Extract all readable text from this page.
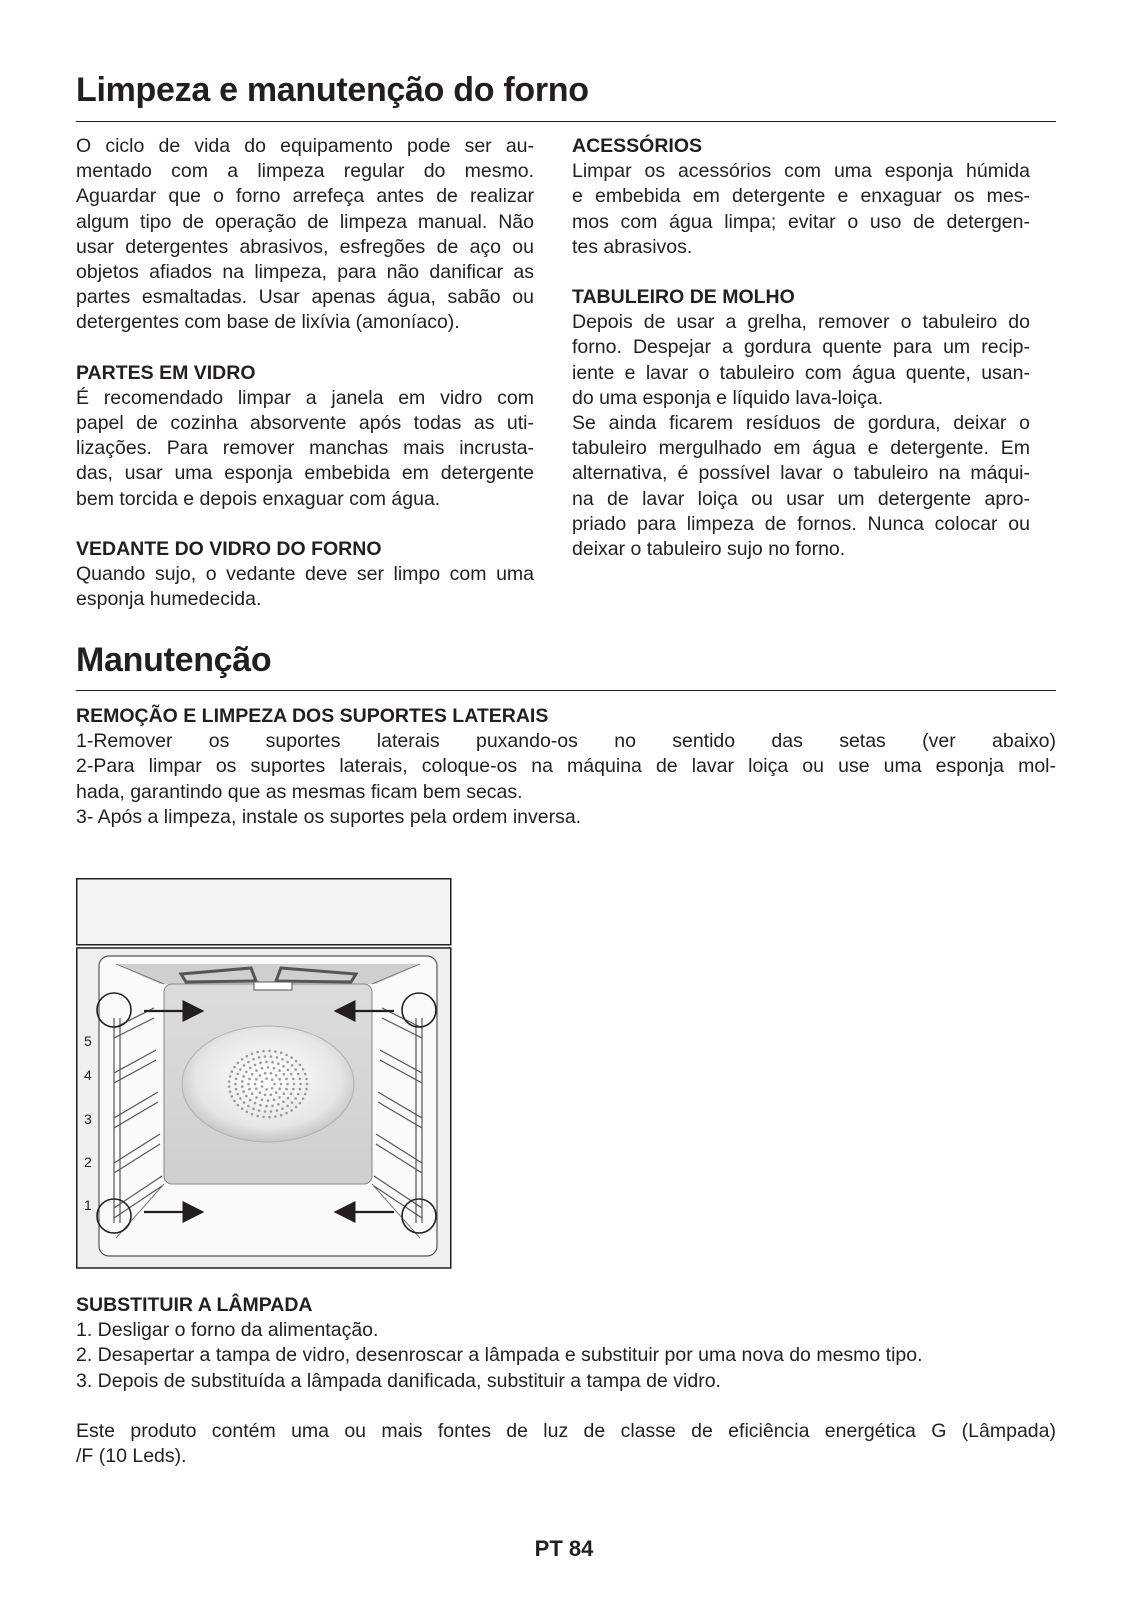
Limpeza e manutenção do forno

O ciclo de vida do equipamento pode ser au-

mentado com a limpeza regular do mesmo.

Aguardar que o forno arrefeça antes de realizar

algum tipo de operação de limpeza manual. Não

usar detergentes abrasivos, esfregões de aço ou

objetos afiados na limpeza, para não danificar as

partes esmaltadas. Usar apenas água, sabão ou

detergentes com base de lixívia (amoníaco).

PARTES EM VIDRO

É recomendado limpar a janela em vidro com

papel de cozinha absorvente após todas as uti-

lizações. Para remover manchas mais incrusta-

das, usar uma esponja embebida em detergente

bem torcida e depois enxaguar com água.

VEDANTE DO VIDRO DO FORNO

Quando sujo, o vedante deve ser limpo com uma

esponja humedecida.

ACESSÓRIOS

Limpar os acessórios com uma esponja húmida

e embebida em detergente e enxaguar os mes-

mos com água limpa; evitar o uso de detergen-

tes abrasivos.

TABULEIRO DE MOLHO

Depois de usar a grelha, remover o tabuleiro do

forno. Despejar a gordura quente para um recip-

iente e lavar o tabuleiro com água quente, usan-

do uma esponja e líquido lava-loiça.

Se ainda ficarem resíduos de gordura, deixar o

tabuleiro mergulhado em água e detergente. Em

alternativa, é possível lavar o tabuleiro na máqui-

na de lavar loiça ou usar um detergente apro-

priado para limpeza de fornos. Nunca colocar ou

deixar o tabuleiro sujo no forno.

Manutenção

REMOÇÃO E LIMPEZA DOS SUPORTES LATERAIS

1-Remover os suportes laterais puxando-os no sentido das setas (ver abaixo)

2-Para limpar os suportes laterais, coloque-os na máquina de lavar loiça ou use uma esponja mol-

hada, garantindo que as mesmas ficam bem secas.

3- Após a limpeza, instale os suportes pela ordem inversa.

5
4
3
2
1

SUBSTITUIR A LÂMPADA

1. Desligar o forno da alimentação.

2. Desapertar a tampa de vidro, desenroscar a lâmpada e substituir por uma nova do mesmo tipo.

3. Depois de substituída a lâmpada danificada, substituir a tampa de vidro.

Este produto contém uma ou mais fontes de luz de classe de eficiência energética G (Lâmpada)

/F (10 Leds).

PT 84
